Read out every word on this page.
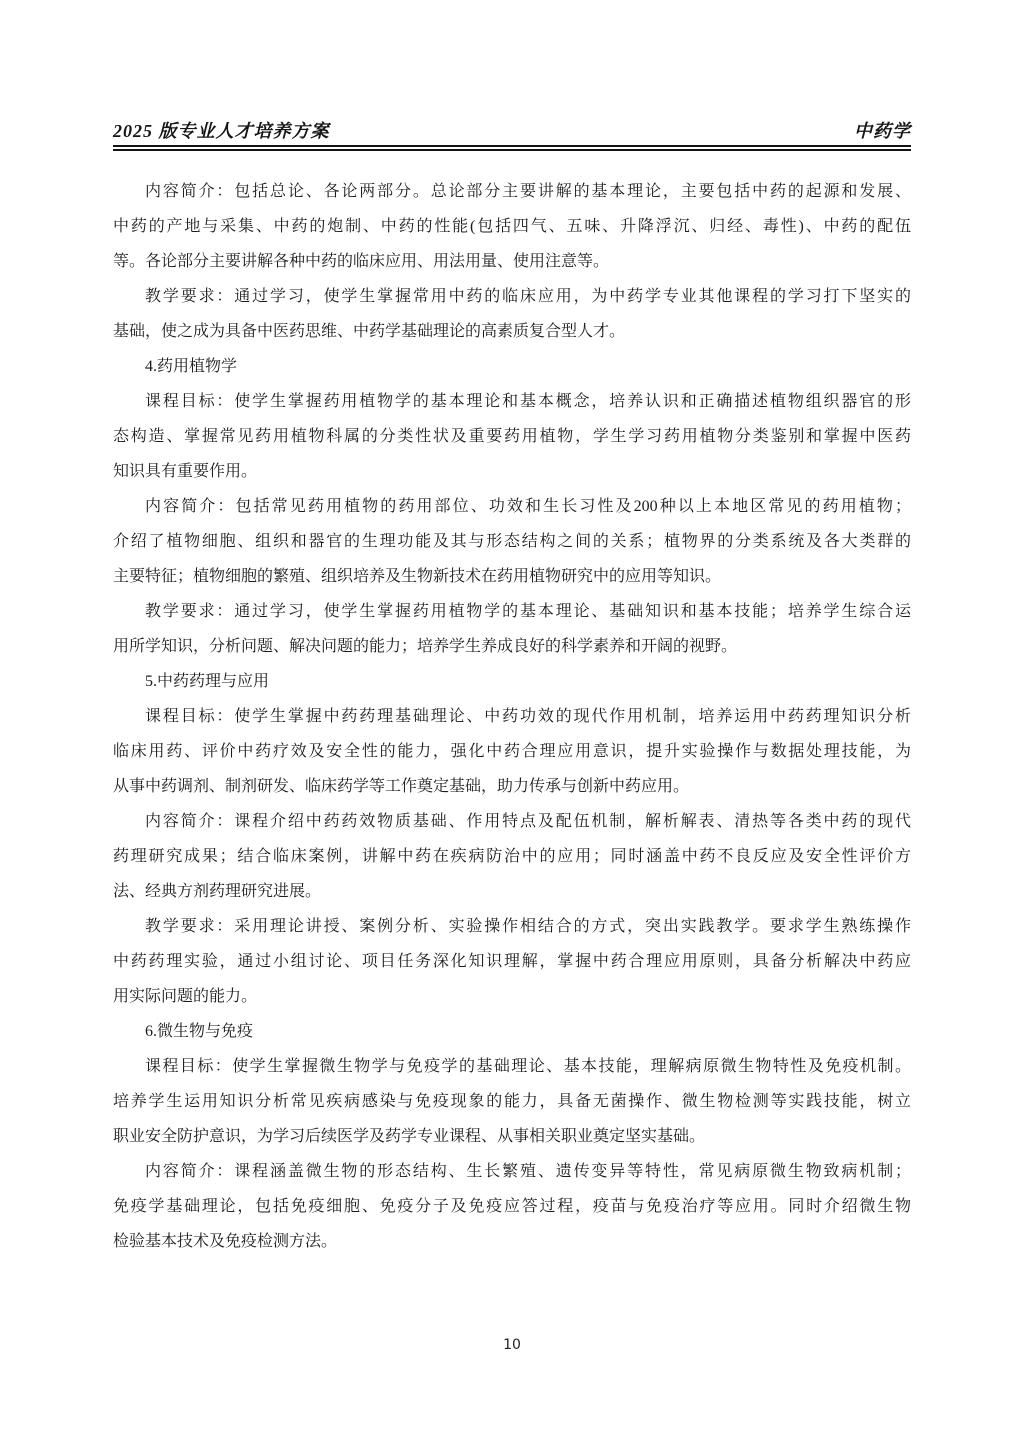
2025 版专业人才培养方案	中药学
内容简介：包括总论、各论两部分。总论部分主要讲解的基本理论，主要包括中药的起源和发展、
中药的产地与采集、中药的炮制、中药的性能(包括四气、五味、升降浮沉、归经、毒性)、中药的配伍
等。各论部分主要讲解各种中药的临床应用、用法用量、使用注意等。
教学要求：通过学习，使学生掌握常用中药的临床应用，为中药学专业其他课程的学习打下坚实的
基础，使之成为具备中医药思维、中药学基础理论的高素质复合型人才。
4.药用植物学
课程目标：使学生掌握药用植物学的基本理论和基本概念，培养认识和正确描述植物组织器官的形
态构造、掌握常见药用植物科属的分类性状及重要药用植物，学生学习药用植物分类鉴别和掌握中医药
知识具有重要作用。
内容简介：包括常见药用植物的药用部位、功效和生长习性及200种以上本地区常见的药用植物；
介绍了植物细胞、组织和器官的生理功能及其与形态结构之间的关系；植物界的分类系统及各大类群的
主要特征；植物细胞的繁殖、组织培养及生物新技术在药用植物研究中的应用等知识。
教学要求：通过学习，使学生掌握药用植物学的基本理论、基础知识和基本技能；培养学生综合运
用所学知识，分析问题、解决问题的能力；培养学生养成良好的科学素养和开阔的视野。
5.中药药理与应用
课程目标：使学生掌握中药药理基础理论、中药功效的现代作用机制，培养运用中药药理知识分析
临床用药、评价中药疗效及安全性的能力，强化中药合理应用意识，提升实验操作与数据处理技能，为
从事中药调剂、制剂研发、临床药学等工作奠定基础，助力传承与创新中药应用。
内容简介：课程介绍中药药效物质基础、作用特点及配伍机制，解析解表、清热等各类中药的现代
药理研究成果；结合临床案例，讲解中药在疾病防治中的应用；同时涵盖中药不良反应及安全性评价方
法、经典方剂药理研究进展。
教学要求：采用理论讲授、案例分析、实验操作相结合的方式，突出实践教学。要求学生熟练操作
中药药理实验，通过小组讨论、项目任务深化知识理解，掌握中药合理应用原则，具备分析解决中药应
用实际问题的能力。
6.微生物与免疫
课程目标：使学生掌握微生物学与免疫学的基础理论、基本技能，理解病原微生物特性及免疫机制。
培养学生运用知识分析常见疾病感染与免疫现象的能力，具备无菌操作、微生物检测等实践技能，树立
职业安全防护意识，为学习后续医学及药学专业课程、从事相关职业奠定坚实基础。
内容简介：课程涵盖微生物的形态结构、生长繁殖、遗传变异等特性，常见病原微生物致病机制；
免疫学基础理论，包括免疫细胞、免疫分子及免疫应答过程，疫苗与免疫治疗等应用。同时介绍微生物
检验基本技术及免疫检测方法。
10
